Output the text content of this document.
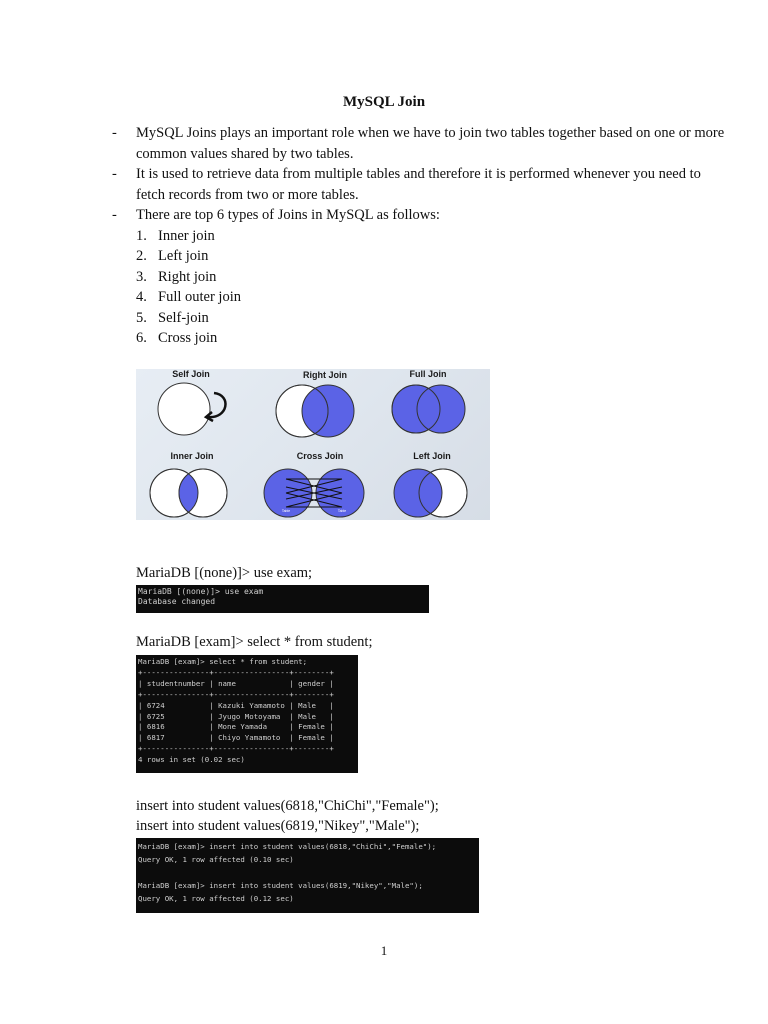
MySQL Join
- MySQL Joins plays an important role when we have to join two tables together based on one or more common values shared by two tables.
- It is used to retrieve data from multiple tables and therefore it is performed whenever you need to fetch records from two or more tables.
- There are top 6 types of Joins in MySQL as follows:
1. Inner join
2. Left join
3. Right join
4. Full outer join
5. Self-join
6. Cross join
Self Join	Right Join	Full Join
Inner Join	Cross Join	Left Join
Table	Table
MariaDB [(none)]> use exam;
MariaDB [(none)]> use exam
Database changed
MariaDB [exam]> select * from student;
MariaDB [exam]> select * from student;
+---------------+-----------------+--------+
| studentnumber | name            | gender |
+---------------+-----------------+--------+
| 6724          | Kazuki Yamamoto | Male   |
| 6725          | Jyugo Motoyama  | Male   |
| 6816          | Mone Yamada     | Female |
| 6817          | Chiyo Yamamoto  | Female |
+---------------+-----------------+--------+
4 rows in set (0.02 sec)
insert into student values(6818,"ChiChi","Female");
insert into student values(6819,"Nikey","Male");
MariaDB [exam]> insert into student values(6818,"ChiChi","Female");
Query OK, 1 row affected (0.10 sec)

MariaDB [exam]> insert into student values(6819,"Nikey","Male");
Query OK, 1 row affected (0.12 sec)
1
